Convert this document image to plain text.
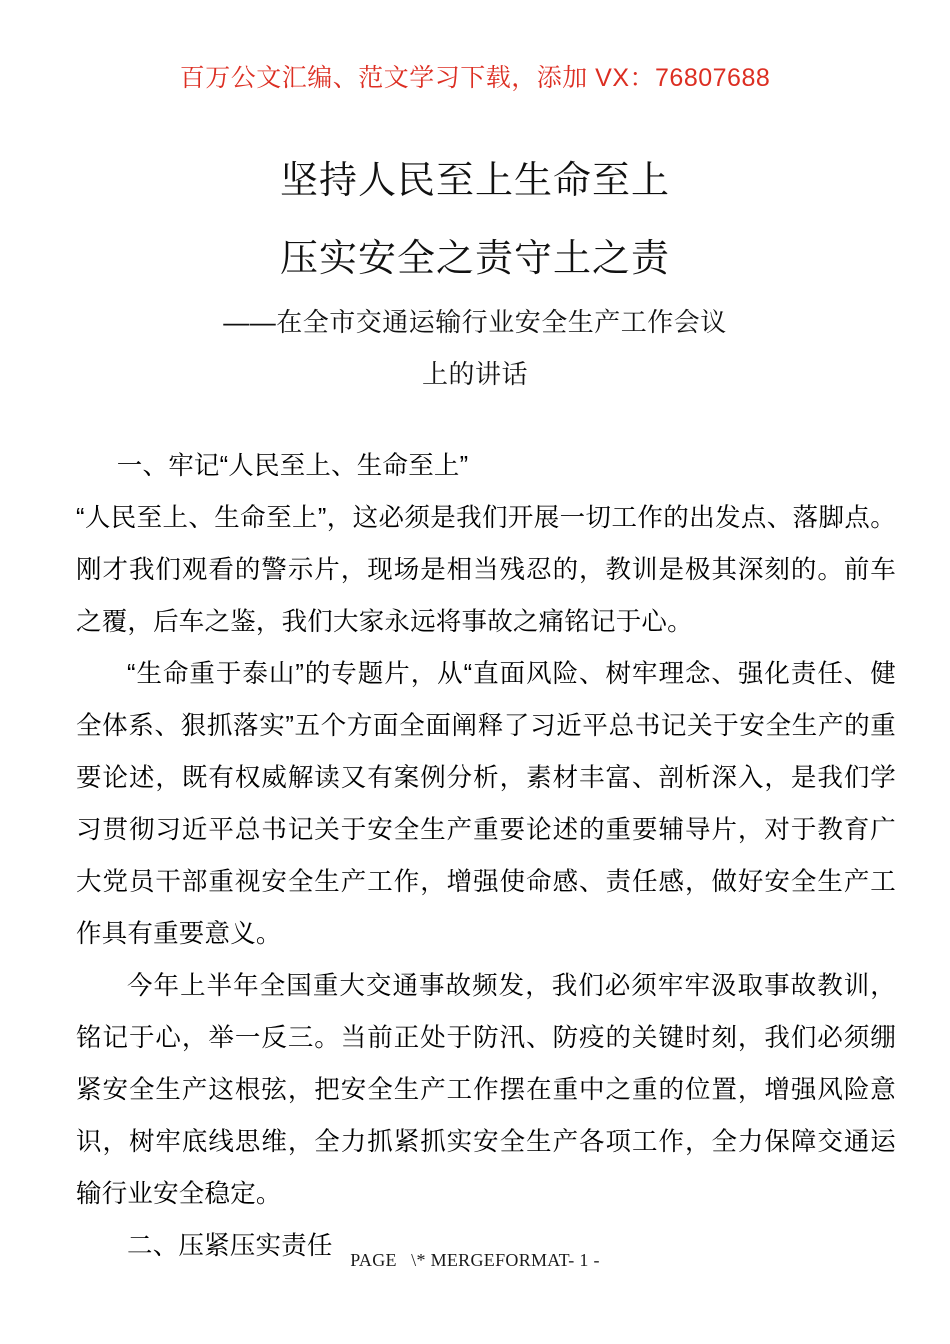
百万公文汇编、范文学习下载，添加 VX：76807688
坚持人民至上生命至上
压实安全之责守土之责
——在全市交通运输行业安全生产工作会议
上的讲话

一、牢记“人民至上、生命至上”

“人民至上、生命至上”，这必须是我们开展一切工作的出发点、落脚点。刚才我们观看的警示片，现场是相当残忍的，教训是极其深刻的。前车之覆，后车之鉴，我们大家永远将事故之痛铭记于心。

“生命重于泰山”的专题片，从“直面风险、树牢理念、强化责任、健全体系、狠抓落实”五个方面全面阐释了习近平总书记关于安全生产的重要论述，既有权威解读又有案例分析，素材丰富、剖析深入，是我们学习贯彻习近平总书记关于安全生产重要论述的重要辅导片，对于教育广大党员干部重视安全生产工作，增强使命感、责任感，做好安全生产工作具有重要意义。

今年上半年全国重大交通事故频发，我们必须牢牢汲取事故教训，铭记于心，举一反三。当前正处于防汛、防疫的关键时刻，我们必须绷紧安全生产这根弦，把安全生产工作摆在重中之重的位置，增强风险意识，树牢底线思维，全力抓紧抓实安全生产各项工作，全力保障交通运输行业安全稳定。

二、压紧压实责任 PAGE   \* MERGEFORMAT- 1 -
